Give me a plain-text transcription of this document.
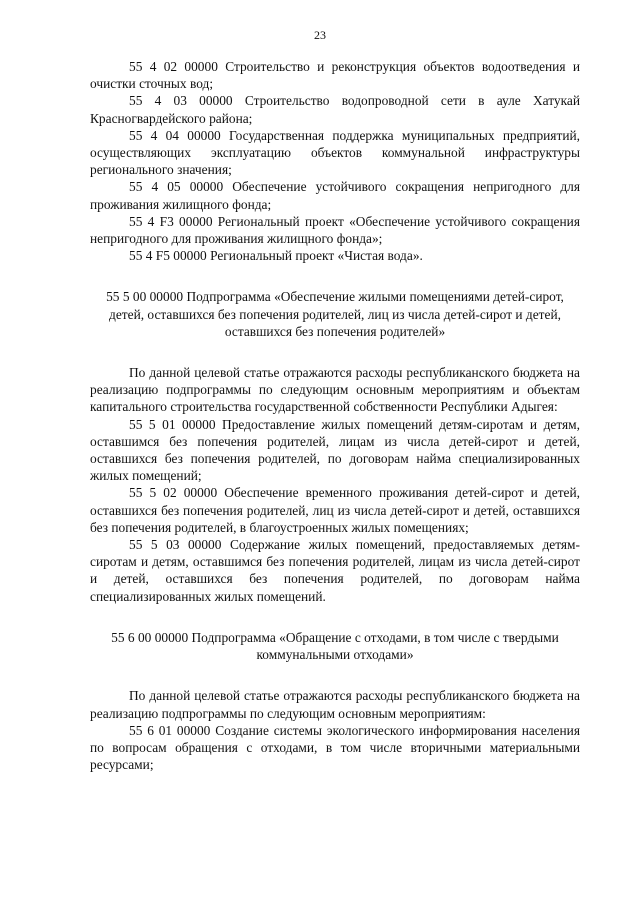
23

55 4 02 00000 Строительство и реконструкция объектов водоотведения и очистки сточных вод;

55 4 03 00000 Строительство водопроводной сети в ауле Хатукай Красногвардейского района;

55 4 04 00000 Государственная поддержка муниципальных предприятий, осуществляющих эксплуатацию объектов коммунальной инфраструктуры регионального значения;

55 4 05 00000 Обеспечение устойчивого сокращения непригодного для проживания жилищного фонда;

55 4 F3 00000 Региональный проект «Обеспечение устойчивого сокращения непригодного для проживания жилищного фонда»;

55 4 F5 00000 Региональный проект «Чистая вода».

55 5 00 00000 Подпрограмма «Обеспечение жилыми помещениями детей-сирот, детей, оставшихся без попечения родителей, лиц из числа детей-сирот и детей, оставшихся без попечения родителей»

По данной целевой статье отражаются расходы республиканского бюджета на реализацию подпрограммы по следующим основным мероприятиям и объектам капитального строительства государственной собственности Республики Адыгея:

55 5 01 00000 Предоставление жилых помещений детям-сиротам и детям, оставшимся без попечения родителей, лицам из числа детей-сирот и детей, оставшихся без попечения родителей, по договорам найма специализированных жилых помещений;

55 5 02 00000 Обеспечение временного проживания детей-сирот и детей, оставшихся без попечения родителей, лиц из числа детей-сирот и детей, оставшихся без попечения родителей, в благоустроенных жилых помещениях;

55 5 03 00000 Содержание жилых помещений, предоставляемых детям-сиротам и детям, оставшимся без попечения родителей, лицам из числа детей-сирот и детей, оставшихся без попечения родителей, по договорам найма специализированных жилых помещений.

55 6 00 00000 Подпрограмма «Обращение с отходами, в том числе с твердыми коммунальными отходами»

По данной целевой статье отражаются расходы республиканского бюджета на реализацию подпрограммы по следующим основным мероприятиям:

55 6 01 00000 Создание системы экологического информирования населения по вопросам обращения с отходами, в том числе вторичными материальными ресурсами;
